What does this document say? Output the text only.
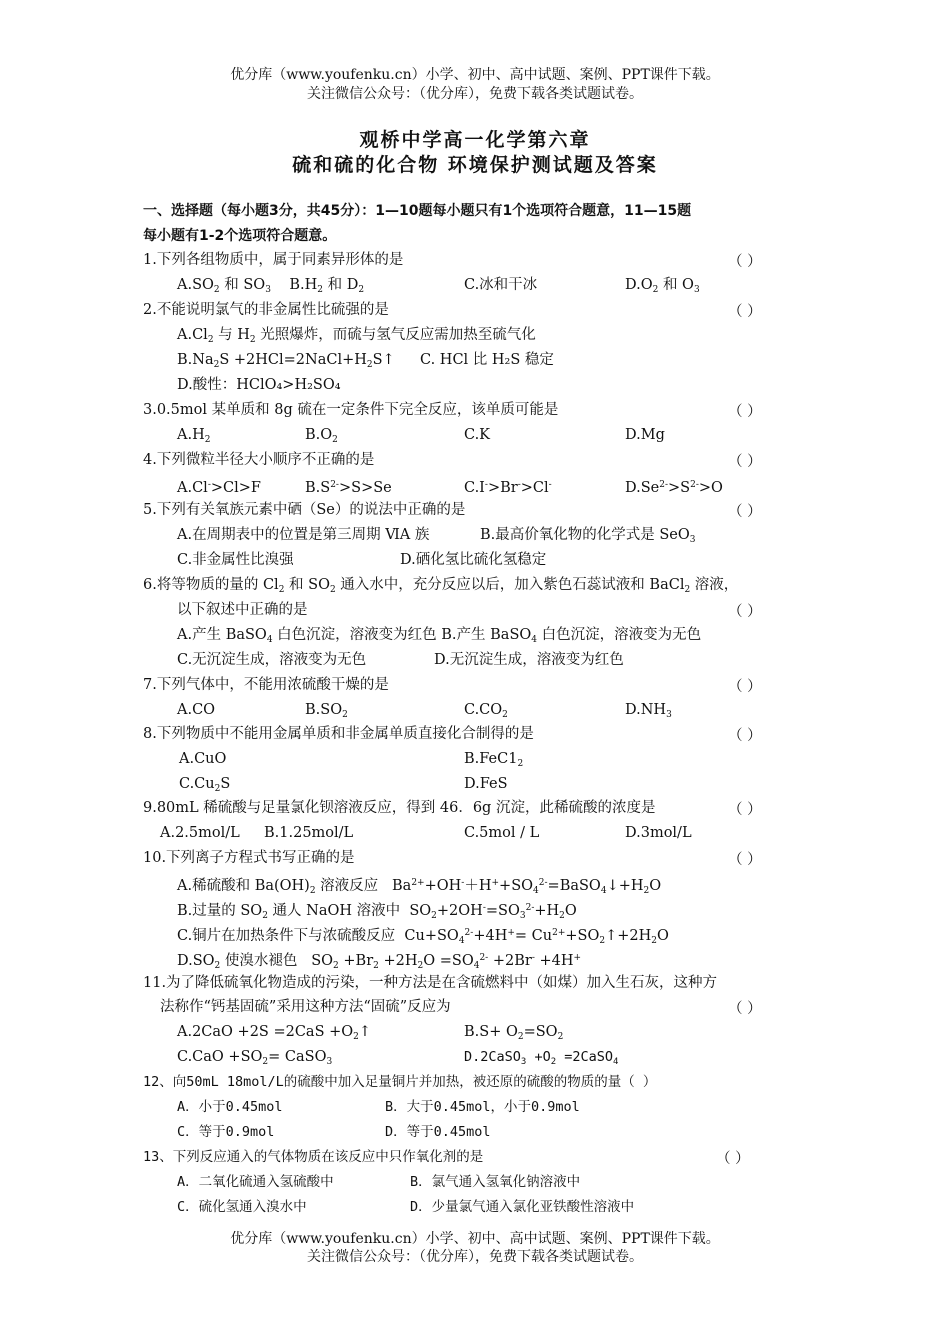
优分库（www.youfenku.cn）小学、初中、高中试题、案例、PPT课件下载。
关注微信公众号：（优分库），免费下载各类试题试卷。
观桥中学高一化学第六章
硫和硫的化合物 环境保护测试题及答案
一、选择题（每小题3分，共45分）：1—10题每小题只有1个选项符合题意，11—15题
每小题有1-2个选项符合题意。
1.下列各组物质中，属于同素异形体的是	（ ）
$A.SO_2$ 和 $SO_3$    $B.H_2$ 和 $D_2$	C.冰和干冰	$D.O_2$ 和 $O_3$
2.不能说明氯气的非金属性比硫强的是	（ ）
$A.Cl_2$ 与 $H_2$ 光照爆炸，而硫与氢气反应需加热至硫气化
$B.Na_2S$ $+2HCl=2NaCl+H_2S↑$ C. HCl 比 H₂S 稳定
D.酸性：HClO₄>H₂SO₄
3.0.5mol 某单质和 8g 硫在一定条件下完全反应，该单质可能是	（ ）
$A.H_2$	$B.O_2$	C.K	D.Mg
4.下列微粒半径大小顺序不正确的是	（ ）
A.Cl->Cl>F	$B.S^{2-}>S>Se$	C.I->Br->Cl-	$D.Se^{2-}>S^{2-}>O$
5.下列有关氧族元素中硒（Se）的说法中正确的是	（ ）
A.在周期表中的位置是第三周期 ⅥA 族	B.最高价氧化物的化学式是 SeO$_3$
C.非金属性比溴强	D.硒化氢比硫化氢稳定
6.将等物质的量的 $Cl_2$ 和 $SO_2$ 通入水中，充分反应以后，加入紫色石蕊试液和 BaCl$_2$ 溶液，
以下叙述中正确的是	（ ）
A.产生 BaSO$_4$ 白色沉淀，溶液变为红色 B.产生 BaSO$_4$ 白色沉淀，溶液变为无色
C.无沉淀生成，溶液变为无色	D.无沉淀生成，溶液变为红色
7.下列气体中，不能用浓硫酸干燥的是	（ ）
A.CO	$B.SO_2$	$C.CO_2$	$D.NH_3$
8.下列物质中不能用金属单质和非金属单质直接化合制得的是	（ ）
A.CuO	$B.FeC1_2$
$C.Cu_2S$	D.FeS
9.80mL 稀硫酸与足量氯化钡溶液反应，得到 46．6g 沉淀，此稀硫酸的浓度是	（ ）
A.2.5mol/L B.1.25mol/L	C.5mol / L	D.3mol/L
10.下列离子方程式书写正确的是	（ ）
A.稀硫酸和 $Ba(OH)_2$ 溶液反应   $Ba^{2+}+OH^-+H^++SO_4^{2-}=BaSO_4↓+H_2O$
B.过量的 $SO_2$ 通人 NaOH 溶液中  $SO_2+2OH^-=SO_3^{2-}+H_2O$
C.铜片在加热条件下与浓硫酸反应  $Cu+SO_4^{2-}+4H^+=$ $Cu^{2+}+SO_2↑+2H_2O$
$D.SO_2$ 使溴水褪色   $SO_2 +Br_2 +2H_2O =SO_4^{2-} +2Br^- +4H^+$
11.为了降低硫氧化物造成的污染，一种方法是在含硫燃料中（如煤）加入生石灰，这种方
法称作“钙基固硫”采用这种方法“固硫”反应为	（ ）
$A.2CaO +2S =2CaS +O_2↑$	$B.S+ O_2=SO_2$
$C.CaO +SO_2=$ CaSO$_3$	D.2CaSO$_3$ $+O_2$ =2CaSO$_4$
12、向50mL 18mol/L的硫酸中加入足量铜片并加热，被还原的硫酸的物质的量（ ）
A．小于0.45mol	B．大于0.45mol，小于0.9mol
C．等于0.9mol	D．等于0.45mol
13、下列反应通入的气体物质在该反应中只作氧化剂的是	（ ）
A．二氧化硫通入氢硫酸中	B．氯气通入氢氧化钠溶液中
C．硫化氢通入溴水中	D．少量氯气通入氯化亚铁酸性溶液中
优分库（www.youfenku.cn）小学、初中、高中试题、案例、PPT课件下载。
关注微信公众号：（优分库），免费下载各类试题试卷。
